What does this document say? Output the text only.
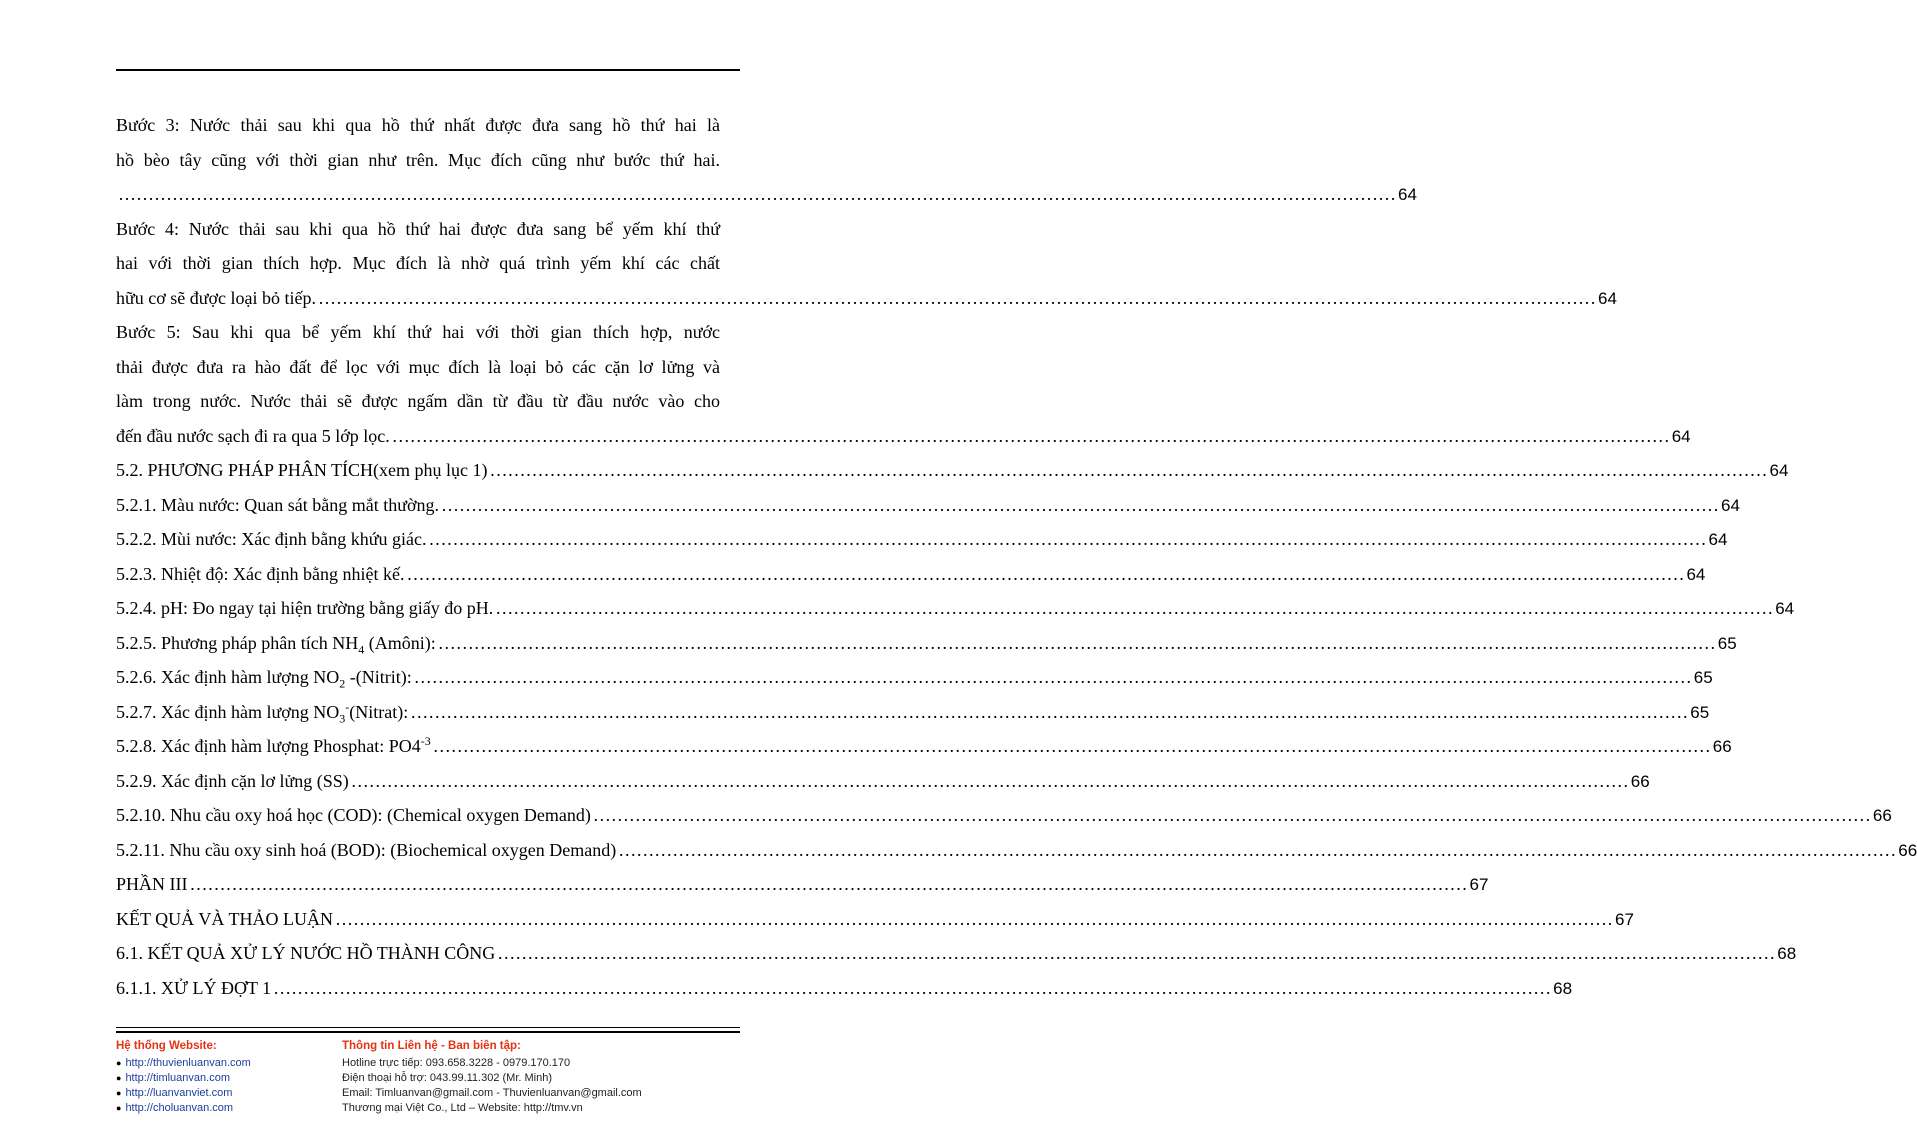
Bước 3: Nước thải sau khi qua hồ thứ nhất được đưa sang hồ thứ hai là
hồ bèo tây cũng với thời gian như trên. Mục đích cũng như bước thứ hai.
…………………………………………………………………………………………………………………………………………………………………………………………… 64
Bước 4: Nước thải sau khi qua hồ thứ hai được đưa sang bể yếm khí thứ
hai với thời gian thích hợp. Mục đích là nhờ quá trình yếm khí các chất
hữu cơ sẽ được loại bỏ tiếp. …………………………………………………………………………………………………………………………………………………………………………………………… 64
Bước 5: Sau khi qua bể yếm khí thứ hai với thời gian thích hợp, nước
thải được đưa ra hào đất để lọc với mục đích là loại bỏ các cặn lơ lửng và
làm trong nước. Nước thải sẽ được ngấm dần từ đầu từ đầu nước vào cho
đến đầu nước sạch đi ra qua 5 lớp lọc. …………………………………………………………………………………………………………………………………………………………………………………………… 64
5.2. PHƯƠNG PHÁP PHÂN TÍCH(xem phụ lục 1) …………………………………………………………………………………………………………………………………………………………………………………………… 64
5.2.1. Màu nước: Quan sát bằng mắt thường. …………………………………………………………………………………………………………………………………………………………………………………………… 64
5.2.2. Mùi nước: Xác định bằng khứu giác. …………………………………………………………………………………………………………………………………………………………………………………………… 64
5.2.3. Nhiệt độ: Xác định bằng nhiệt kế. …………………………………………………………………………………………………………………………………………………………………………………………… 64
5.2.4. pH: Đo ngay tại hiện trường bằng giấy đo pH. …………………………………………………………………………………………………………………………………………………………………………………………… 64
5.2.5. Phương pháp phân tích $NH_4$ (Amôni): …………………………………………………………………………………………………………………………………………………………………………………………… 65
5.2.6. Xác định hàm lượng $NO_2$ -(Nitrit): …………………………………………………………………………………………………………………………………………………………………………………………… 65
5.2.7. Xác định hàm lượng $NO_3^-(Nitrat)$: …………………………………………………………………………………………………………………………………………………………………………………………… 65
5.2.8. Xác định hàm lượng Phosphat: $PO4^{-3}$ …………………………………………………………………………………………………………………………………………………………………………………………… 66
5.2.9. Xác định cặn lơ lửng (SS) …………………………………………………………………………………………………………………………………………………………………………………………… 66
5.2.10. Nhu cầu oxy hoá học (COD): (Chemical oxygen Demand) …………………………………………………………………………………………………………………………………………………………………………………………… 66
5.2.11. Nhu cầu oxy sinh hoá (BOD): (Biochemical oxygen Demand) …………………………………………………………………………………………………………………………………………………………………………………………… 66
PHẦN III …………………………………………………………………………………………………………………………………………………………………………………………… 67
KẾT QUẢ VÀ THẢO LUẬN …………………………………………………………………………………………………………………………………………………………………………………………… 67
6.1. KẾT QUẢ XỬ LÝ NƯỚC HỒ THÀNH CÔNG …………………………………………………………………………………………………………………………………………………………………………………………… 68
6.1.1. XỬ LÝ ĐỢT 1 …………………………………………………………………………………………………………………………………………………………………………………………… 68
Hệ thống Website:
● http://thuvienluanvan.com
● http://timluanvan.com
● http://luanvanviet.com
● http://choluanvan.com
Thông tin Liên hệ - Ban biên tập:
Hotline trực tiếp: 093.658.3228 - 0979.170.170
Điện thoại hỗ trợ: 043.99.11.302 (Mr. Minh)
Email: Timluanvan@gmail.com - Thuvienluanvan@gmail.com
Thương mại Việt Co., Ltd – Website: http://tmv.vn
